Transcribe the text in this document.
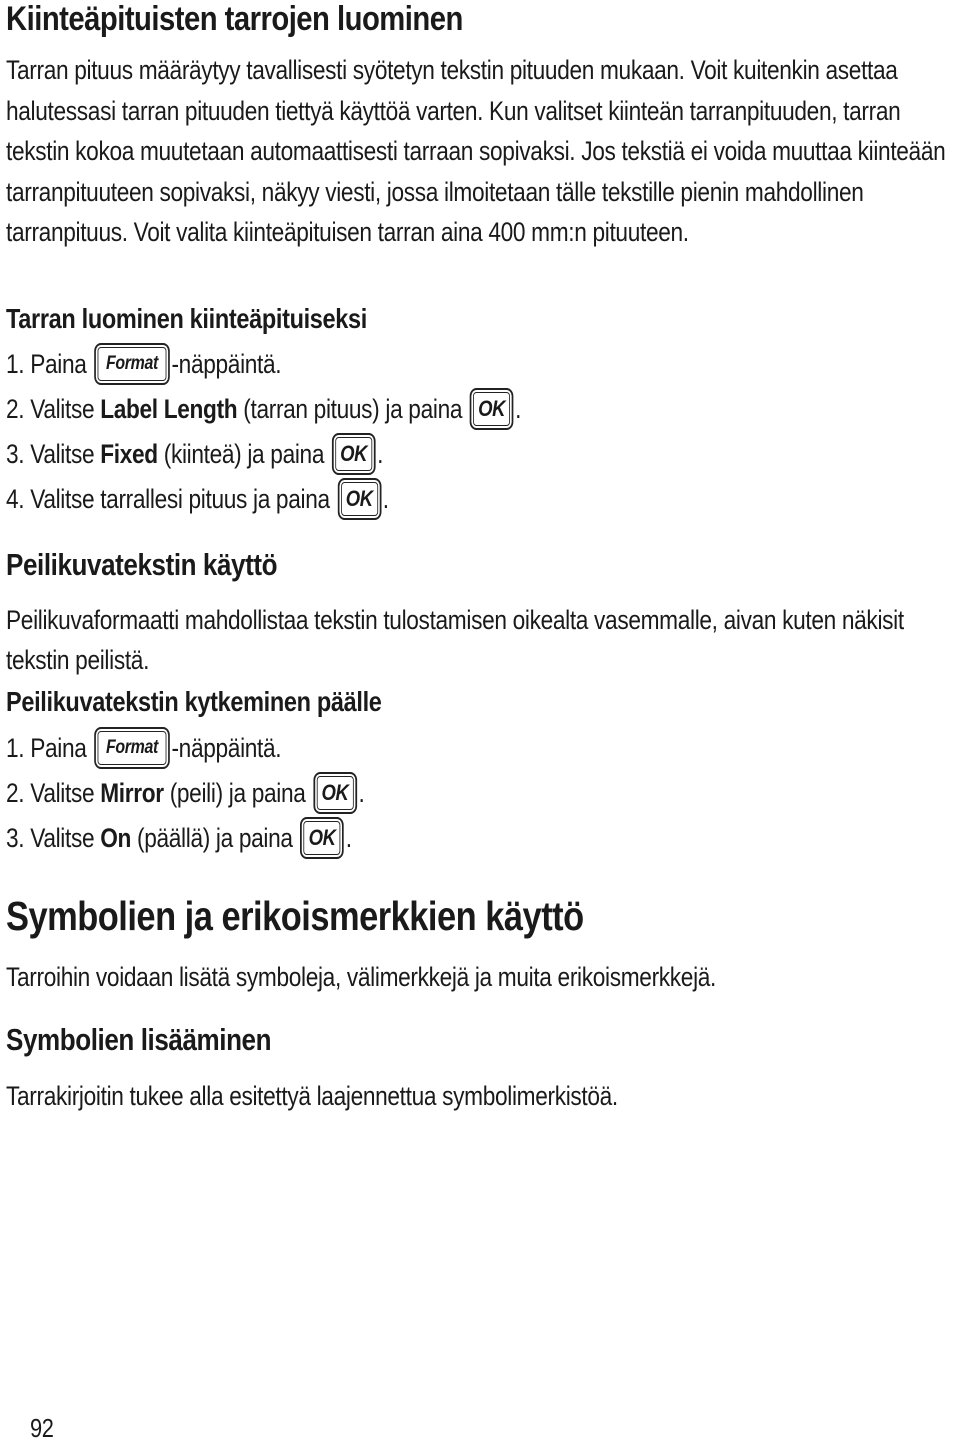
Kiinteäpituisten tarrojen luominen
Tarran pituus määräytyy tavallisesti syötetyn tekstin pituuden mukaan. Voit kuitenkin asettaa halutessasi tarran pituuden tiettyä käyttöä varten. Kun valitset kiinteän tarranpituuden, tarran tekstin kokoa muutetaan automaattisesti tarraan sopivaksi. Jos tekstiä ei voida muuttaa kiinteään tarranpituuteen sopivaksi, näkyy viesti, jossa ilmoitetaan tälle tekstille pienin mahdollinen tarranpituus. Voit valita kiinteäpituisen tarran aina 400 mm:n pituuteen.
Tarran luominen kiinteäpituiseksi
1. Paina Format -näppäintä.
2. Valitse Label Length (tarran pituus) ja paina OK .
3. Valitse Fixed (kiinteä) ja paina OK .
4. Valitse tarrallesi pituus ja paina OK .
Peilikuvatekstin käyttö
Peilikuvaformaatti mahdollistaa tekstin tulostamisen oikealta vasemmalle, aivan kuten näkisit tekstin peilistä.
Peilikuvatekstin kytkeminen päälle
1. Paina Format -näppäintä.
2. Valitse Mirror (peili) ja paina OK .
3. Valitse On (päällä) ja paina OK .
Symbolien ja erikoismerkkien käyttö
Tarroihin voidaan lisätä symboleja, välimerkkejä ja muita erikoismerkkejä.
Symbolien lisääminen
Tarrakirjoitin tukee alla esitettyä laajennettua symbolimerkistöä.
92
